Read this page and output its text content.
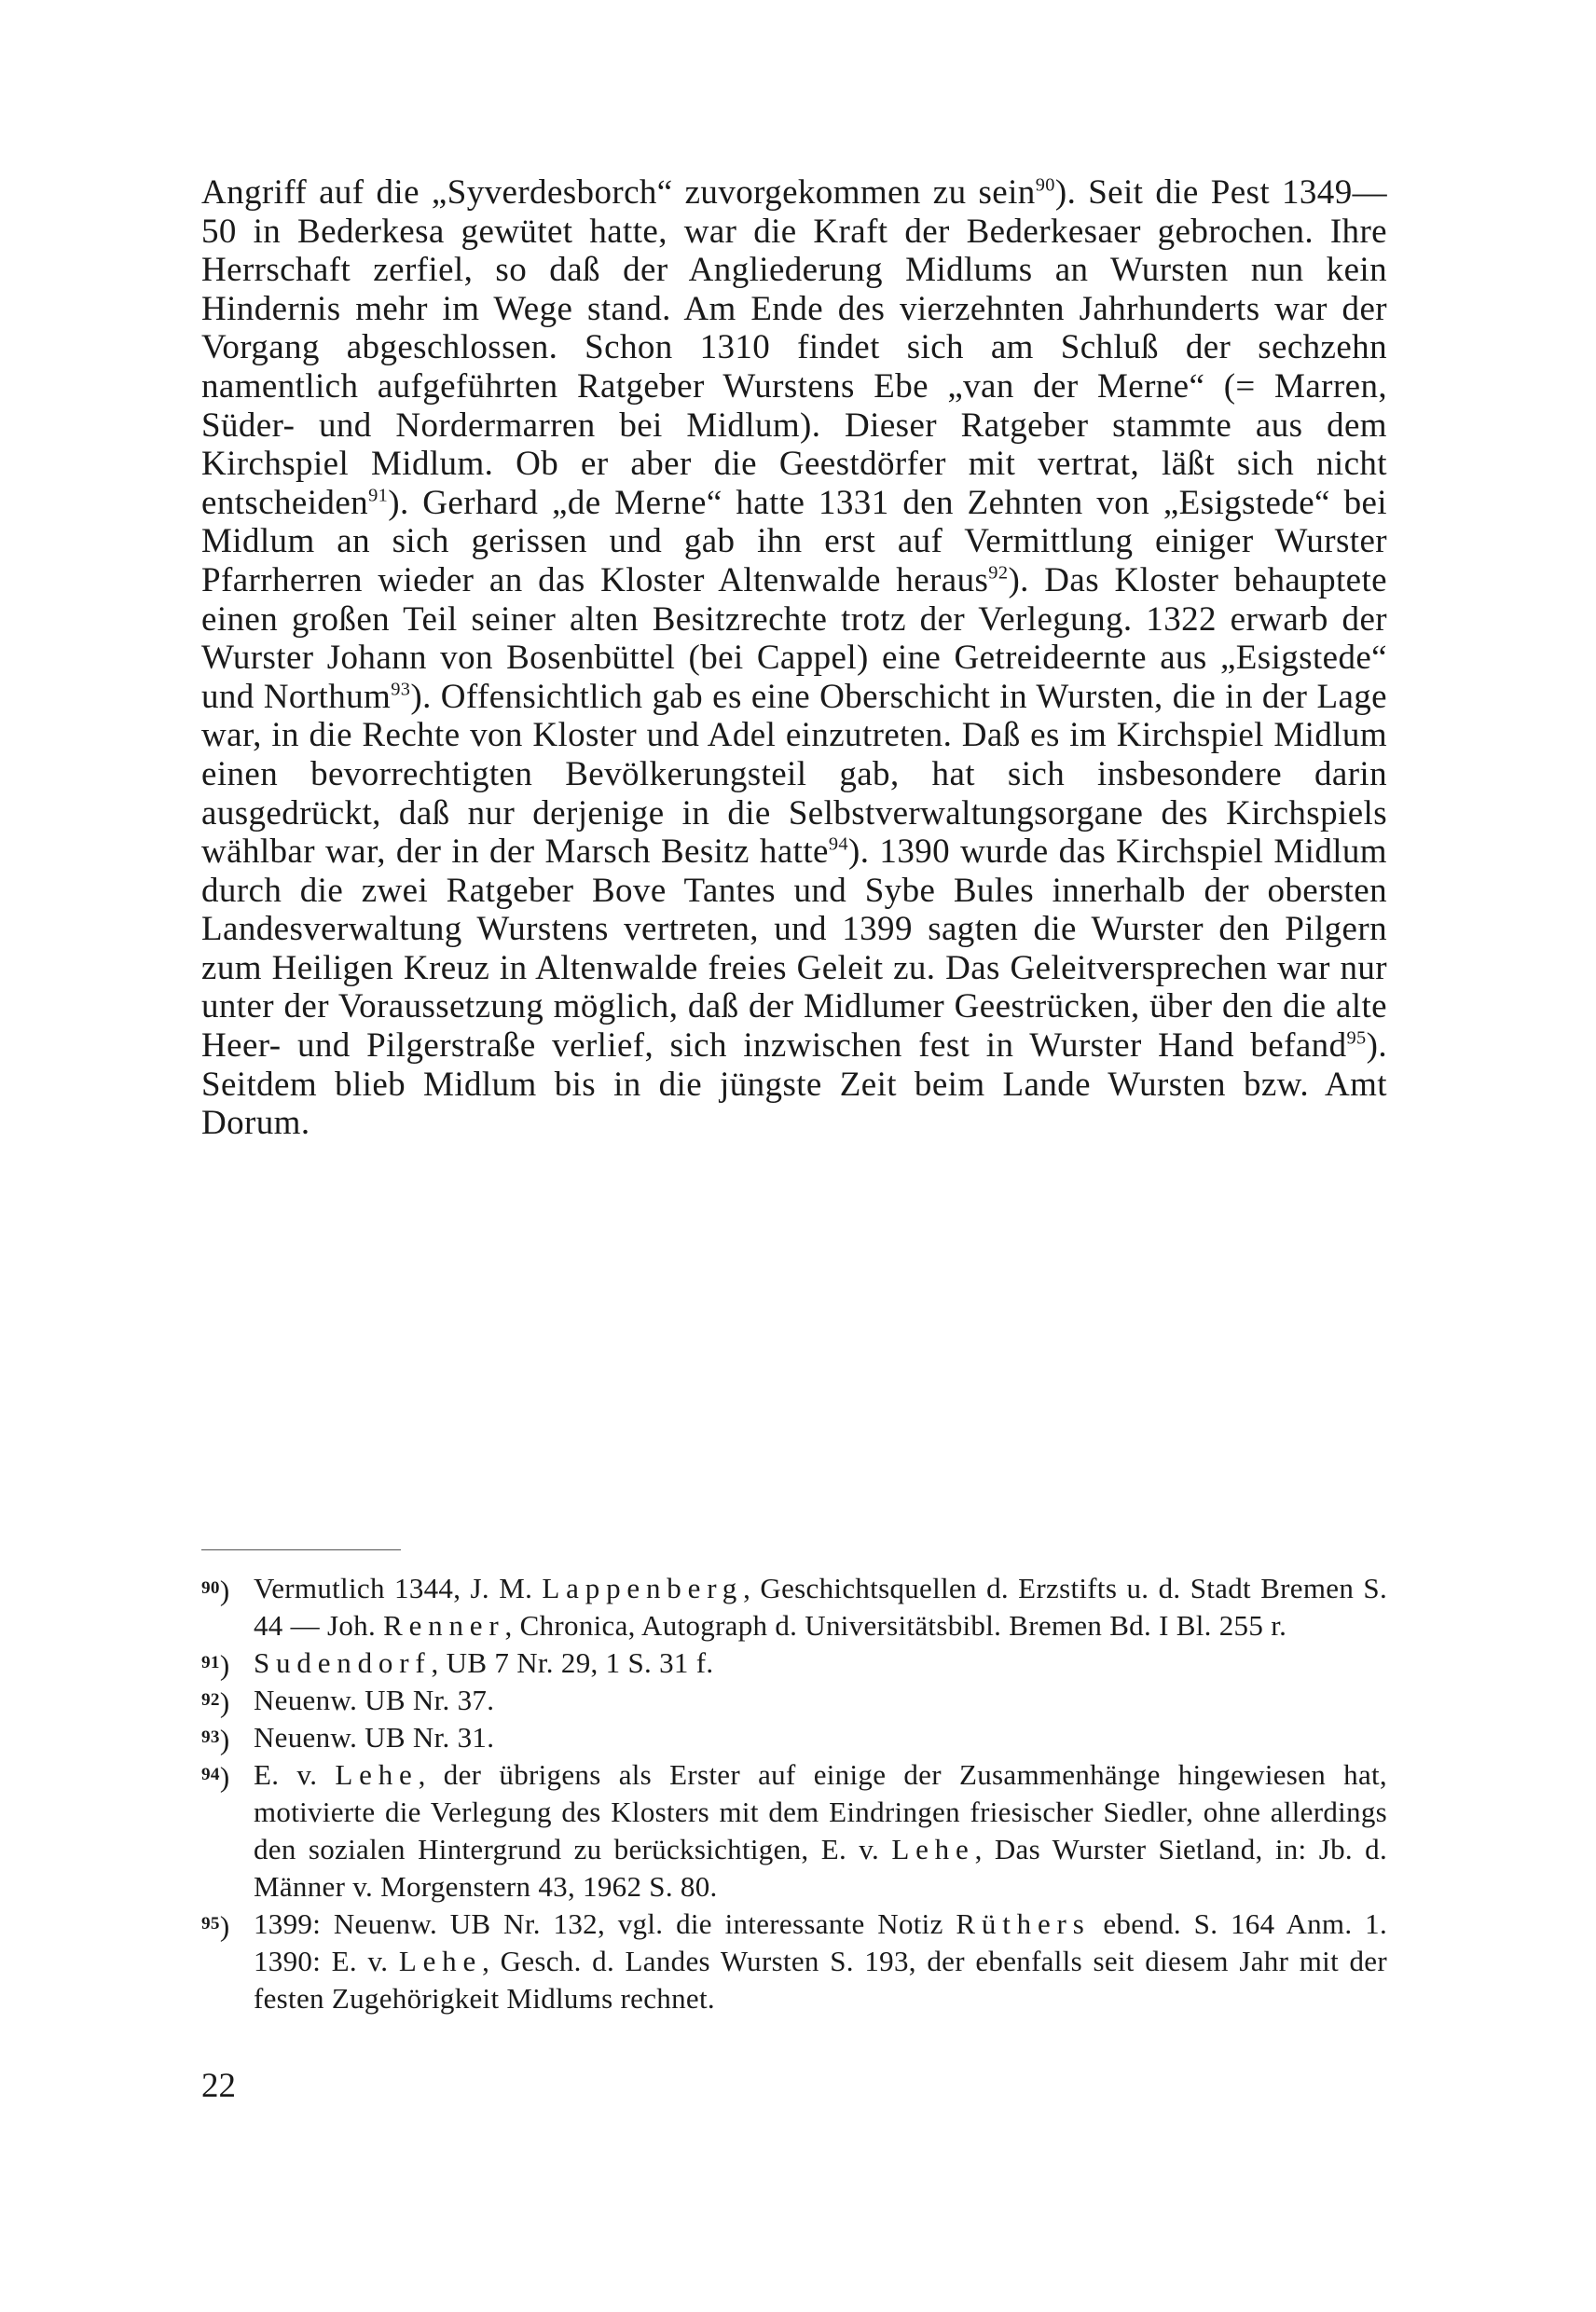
Angriff auf die „Syverdesborch“ zuvorgekommen zu sein$^{90}$). Seit die Pest 1349—50 in Bederkesa gewütet hatte, war die Kraft der Bederkesaer gebrochen. Ihre Herrschaft zerfiel, so daß der Angliederung Midlums an Wursten nun kein Hindernis mehr im Wege stand. Am Ende des vierzehnten Jahrhunderts war der Vorgang abgeschlossen. Schon 1310 findet sich am Schluß der sechzehn namentlich aufgeführten Ratgeber Wurstens Ebe „van der Merne“ (= Marren, Süder- und Nordermarren bei Midlum). Dieser Ratgeber stammte aus dem Kirchspiel Midlum. Ob er aber die Geestdörfer mit vertrat, läßt sich nicht entscheiden$^{91}$). Gerhard „de Merne“ hatte 1331 den Zehnten von „Esigstede“ bei Midlum an sich gerissen und gab ihn erst auf Vermittlung einiger Wurster Pfarrherren wieder an das Kloster Altenwalde heraus$^{92}$). Das Kloster behauptete einen großen Teil seiner alten Besitzrechte trotz der Verlegung. 1322 erwarb der Wurster Johann von Bosenbüttel (bei Cappel) eine Getreideernte aus „Esigstede“ und Northum$^{93}$). Offensichtlich gab es eine Oberschicht in Wursten, die in der Lage war, in die Rechte von Kloster und Adel einzutreten. Daß es im Kirchspiel Midlum einen bevorrechtigten Bevölkerungsteil gab, hat sich insbesondere darin ausgedrückt, daß nur derjenige in die Selbstverwaltungsorgane des Kirchspiels wählbar war, der in der Marsch Besitz hatte$^{94}$). 1390 wurde das Kirchspiel Midlum durch die zwei Ratgeber Bove Tantes und Sybe Bules innerhalb der obersten Landesverwaltung Wurstens vertreten, und 1399 sagten die Wurster den Pilgern zum Heiligen Kreuz in Altenwalde freies Geleit zu. Das Geleitversprechen war nur unter der Voraussetzung möglich, daß der Midlumer Geestrücken, über den die alte Heer- und Pilgerstraße verlief, sich inzwischen fest in Wurster Hand befand$^{95}$). Seitdem blieb Midlum bis in die jüngste Zeit beim Lande Wursten bzw. Amt Dorum.

$^{90}$) Vermutlich 1344, J. M. Lappenberg, Geschichtsquellen d. Erzstifts u. d. Stadt Bremen S. 44 — Joh. Renner, Chronica, Autograph d. Universitätsbibl. Bremen Bd. I Bl. 255 r.
$^{91}$) Sudendorf, UB 7 Nr. 29, 1 S. 31 f.
$^{92}$) Neuenw. UB Nr. 37.
$^{93}$) Neuenw. UB Nr. 31.
$^{94}$) E. v. Lehe, der übrigens als Erster auf einige der Zusammenhänge hingewiesen hat, motivierte die Verlegung des Klosters mit dem Eindringen friesischer Siedler, ohne allerdings den sozialen Hintergrund zu berücksichtigen, E. v. Lehe, Das Wurster Sietland, in: Jb. d. Männer v. Morgenstern 43, 1962 S. 80.
$^{95}$) 1399: Neuenw. UB Nr. 132, vgl. die interessante Notiz Rüthers ebend. S. 164 Anm. 1. 1390: E. v. Lehe, Gesch. d. Landes Wursten S. 193, der ebenfalls seit diesem Jahr mit der festen Zugehörigkeit Midlums rechnet.
22
